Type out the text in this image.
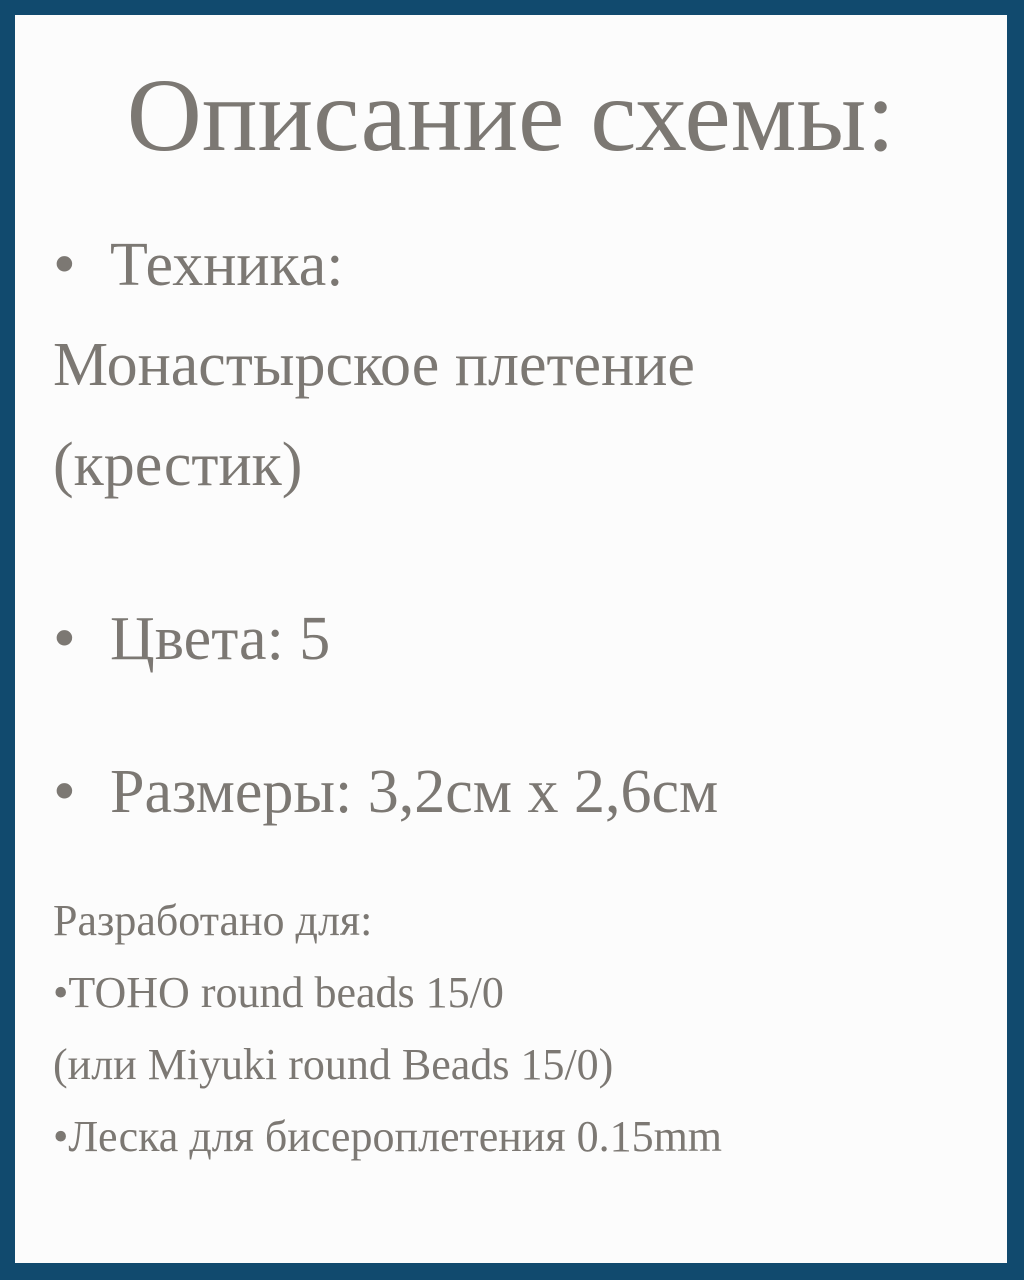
Описание схемы:
• Техника:
Монастырское плетение
(крестик)
• Цвета: 5
• Размеры: 3,2см x 2,6см
Разработано для:
•TOHO round beads 15/0
(или Miyuki round Beads 15/0)
•Леска для бисероплетения 0.15mm
